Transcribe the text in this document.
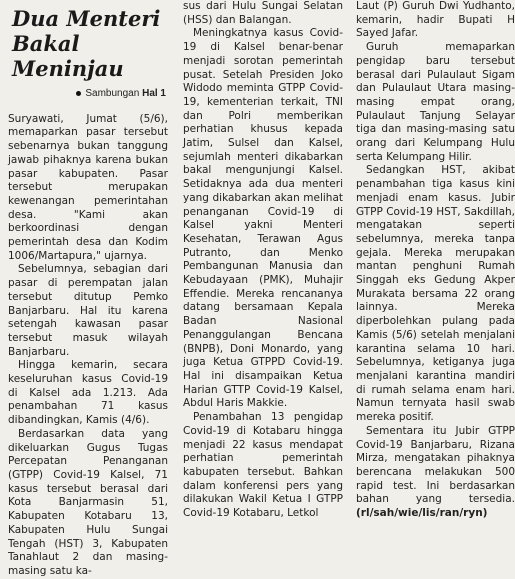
Dua Menteri Bakal Meninjau
Sambungan Hal 1

Suryawati, Jumat (5/6), memaparkan pasar tersebut sebenarnya bukan tanggung jawab pihaknya karena bukan pasar kabupaten. Pasar tersebut merupakan kewenangan pemerintahan desa. "Kami akan berkoordinasi dengan pemerintah desa dan Kodim 1006/Martapura," ujarnya.

Sebelumnya, sebagian dari pasar di perempatan jalan tersebut ditutup Pemko Banjarbaru. Hal itu karena setengah kawasan pasar tersebut masuk wilayah Banjarbaru.

Hingga kemarin, secara keseluruhan kasus Covid-19 di Kalsel ada 1.213. Ada penambahan 71 kasus dibandingkan, Kamis (4/6).

Berdasarkan data yang dikeluarkan Gugus Tugas Percepatan Penanganan (GTPP) Covid-19 Kalsel, 71 kasus tersebut berasal dari Kota Banjarmasin 51, Kabupaten Kotabaru 13, Kabupaten Hulu Sungai Tengah (HST) 3, Kabupaten Tanahlaut 2 dan masing-masing satu ka-

sus dari Hulu Sungai Selatan (HSS) dan Balangan.

Meningkatnya kasus Covid-19 di Kalsel benar-benar menjadi sorotan pemerintah pusat. Setelah Presiden Joko Widodo meminta GTPP Covid-19, kementerian terkait, TNI dan Polri memberikan perhatian khusus kepada Jatim, Sulsel dan Kalsel, sejumlah menteri dikabarkan bakal mengunjungi Kalsel. Setidaknya ada dua menteri yang dikabarkan akan melihat penanganan Covid-19 di Kalsel yakni Menteri Kesehatan, Terawan Agus Putranto, dan Menko Pembangunan Manusia dan Kebudayaan (PMK), Muhajir Effendie. Mereka rencananya datang bersamaan Kepala Badan Nasional Penanggulangan Bencana (BNPB), Doni Monardo, yang juga Ketua GTPPD Covid-19. Hal ini disampaikan Ketua Harian GTTP Covid-19 Kalsel, Abdul Haris Makkie.

Penambahan 13 pengidap Covid-19 di Kotabaru hingga menjadi 22 kasus mendapat perhatian pemerintah kabupaten tersebut. Bahkan dalam konferensi pers yang dilakukan Wakil Ketua I GTPP Covid-19 Kotabaru, Letkol

Laut (P) Guruh Dwi Yudhanto, kemarin, hadir Bupati H Sayed Jafar.

Guruh memaparkan pengidap baru tersebut berasal dari Pulaulaut Sigam dan Pulaulaut Utara masing-masing empat orang, Pulaulaut Tanjung Selayar tiga dan masing-masing satu orang dari Kelumpang Hulu serta Kelumpang Hilir.

Sedangkan HST, akibat penambahan tiga kasus kini menjadi enam kasus. Jubir GTPP Covid-19 HST, Sakdillah, mengatakan seperti sebelumnya, mereka tanpa gejala. Mereka merupakan mantan penghuni Rumah Singgah eks Gedung Akper Murakata bersama 22 orang lainnya. Mereka diperbolehkan pulang pada Kamis (5/6) setelah menjalani karantina selama 10 hari. Sebelumnya, ketiganya juga menjalani karantina mandiri di rumah selama enam hari. Namun ternyata hasil swab mereka positif.

Sementara itu Jubir GTPP Covid-19 Banjarbaru, Rizana Mirza, mengatakan pihaknya berencana melakukan 500 rapid test. Ini berdasarkan bahan yang tersedia. (rl/sah/wie/lis/ran/ryn)
